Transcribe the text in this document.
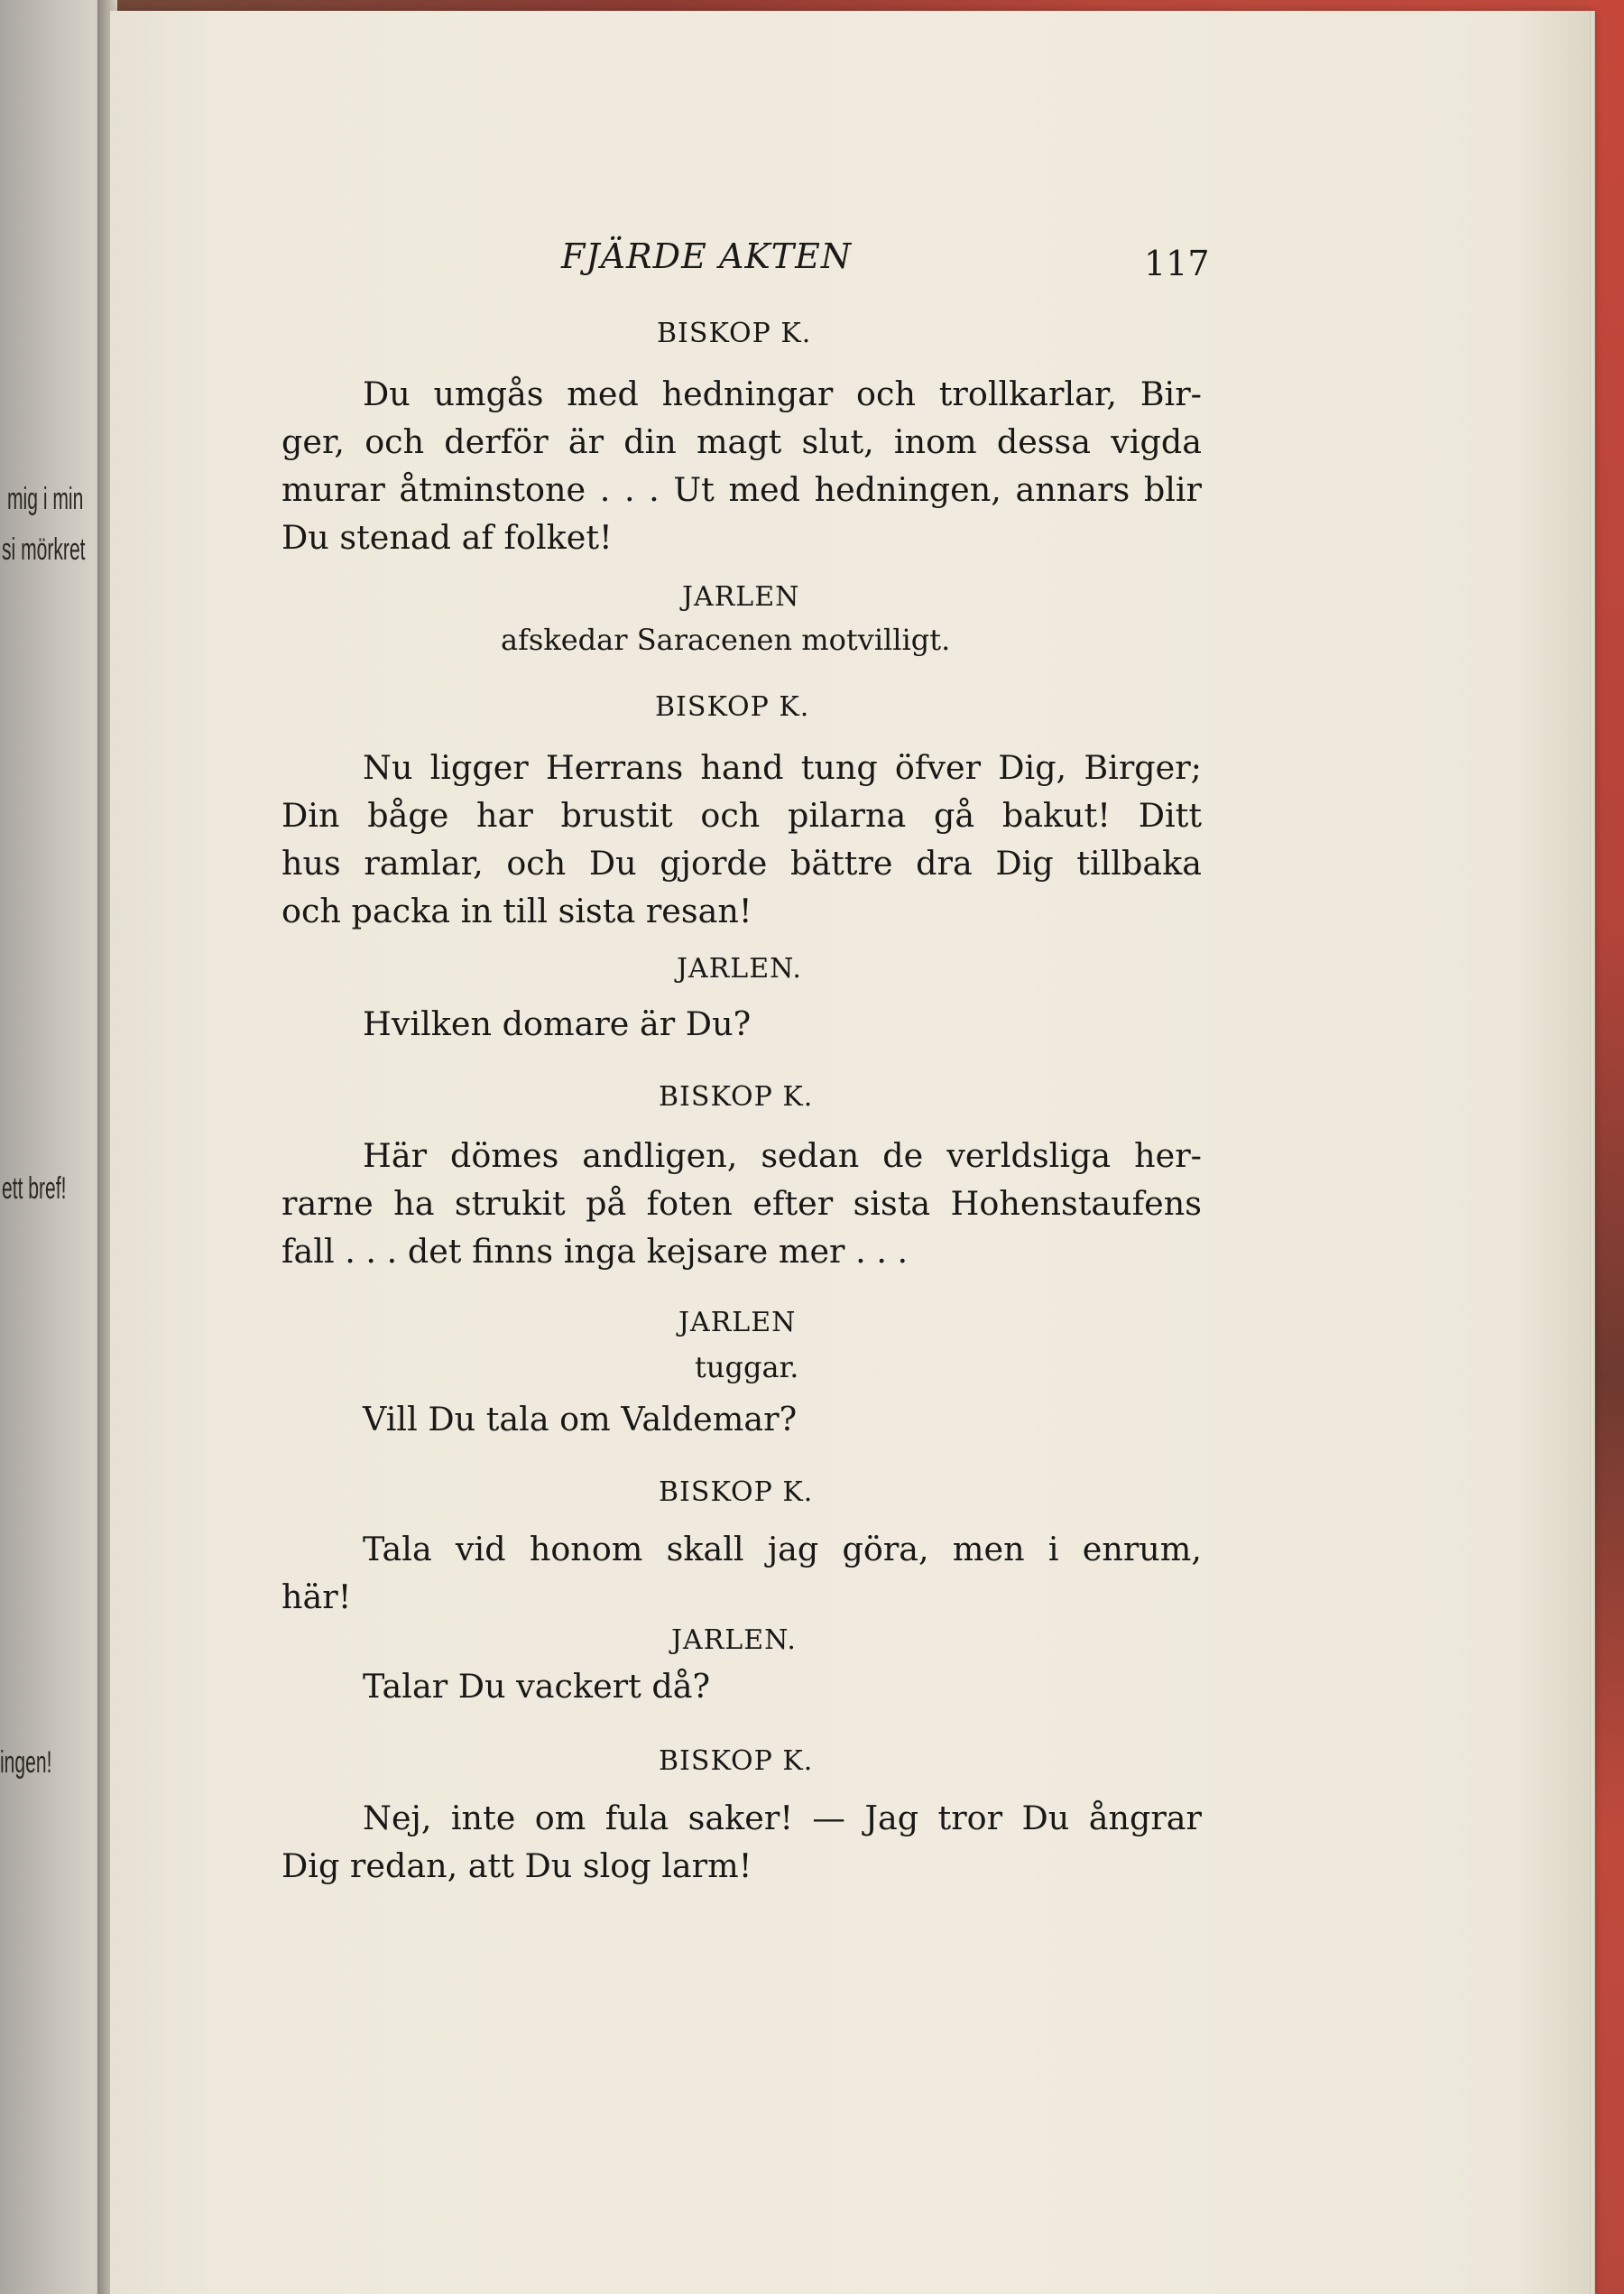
mig i min
si mörkret
ett bref!
ingen!
FJÄRDE AKTEN	117
BISKOP K.
Du umgås med hedningar och trollkarlar, Bir-
ger, och derför är din magt slut, inom dessa vigda
murar åtminstone . . . Ut med hedningen, annars blir
Du stenad af folket!
JARLEN
afskedar Saracenen motvilligt.
BISKOP K.
Nu ligger Herrans hand tung öfver Dig, Birger;
Din båge har brustit och pilarna gå bakut! Ditt
hus ramlar, och Du gjorde bättre dra Dig tillbaka
och packa in till sista resan!
JARLEN.
Hvilken domare är Du?
BISKOP K.
Här dömes andligen, sedan de verldsliga her-
rarne ha strukit på foten efter sista Hohenstaufens
fall . . . det finns inga kejsare mer . . .
JARLEN
tuggar.
Vill Du tala om Valdemar?
BISKOP K.
Tala vid honom skall jag göra, men i enrum,
här!
JARLEN.
Talar Du vackert då?
BISKOP K.
Nej, inte om fula saker! — Jag tror Du ångrar
Dig redan, att Du slog larm!
